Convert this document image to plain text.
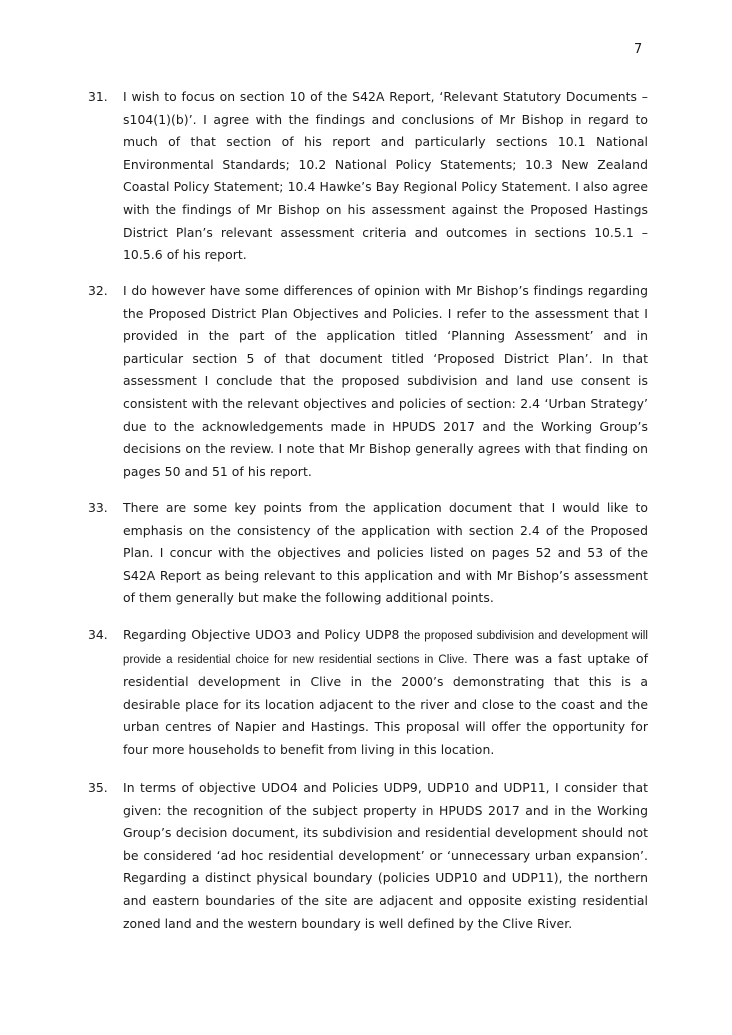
7
31. I wish to focus on section 10 of the S42A Report, ‘Relevant Statutory Documents – s104(1)(b)’. I agree with the findings and conclusions of Mr Bishop in regard to much of that section of his report and particularly sections 10.1 National Environmental Standards; 10.2 National Policy Statements; 10.3 New Zealand Coastal Policy Statement; 10.4 Hawke’s Bay Regional Policy Statement. I also agree with the findings of Mr Bishop on his assessment against the Proposed Hastings District Plan’s relevant assessment criteria and outcomes in sections 10.5.1 – 10.5.6 of his report.
32. I do however have some differences of opinion with Mr Bishop’s findings regarding the Proposed District Plan Objectives and Policies. I refer to the assessment that I provided in the part of the application titled ‘Planning Assessment’ and in particular section 5 of that document titled ‘Proposed District Plan’. In that assessment I conclude that the proposed subdivision and land use consent is consistent with the relevant objectives and policies of section: 2.4 ‘Urban Strategy’ due to the acknowledgements made in HPUDS 2017 and the Working Group’s decisions on the review. I note that Mr Bishop generally agrees with that finding on pages 50 and 51 of his report.
33. There are some key points from the application document that I would like to emphasis on the consistency of the application with section 2.4 of the Proposed Plan. I concur with the objectives and policies listed on pages 52 and 53 of the S42A Report as being relevant to this application and with Mr Bishop’s assessment of them generally but make the following additional points.
34. Regarding Objective UDO3 and Policy UDP8 the proposed subdivision and development will provide a residential choice for new residential sections in Clive. There was a fast uptake of residential development in Clive in the 2000’s demonstrating that this is a desirable place for its location adjacent to the river and close to the coast and the urban centres of Napier and Hastings. This proposal will offer the opportunity for four more households to benefit from living in this location.
35. In terms of objective UDO4 and Policies UDP9, UDP10 and UDP11, I consider that given: the recognition of the subject property in HPUDS 2017 and in the Working Group’s decision document, its subdivision and residential development should not be considered ‘ad hoc residential development’ or ‘unnecessary urban expansion’. Regarding a distinct physical boundary (policies UDP10 and UDP11), the northern and eastern boundaries of the site are adjacent and opposite existing residential zoned land and the western boundary is well defined by the Clive River.
